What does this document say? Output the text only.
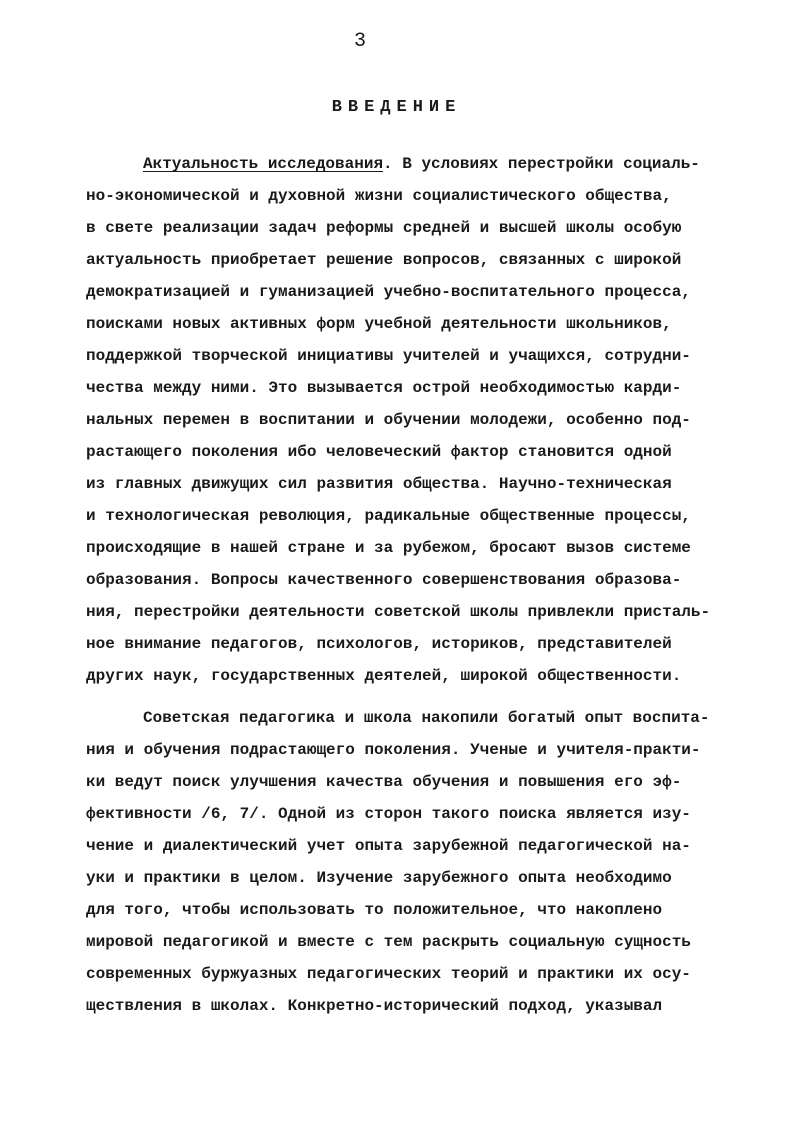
3
ВВЕДЕНИЕ
Актуальность исследования. В условиях перестройки социаль-
но-экономической и духовной жизни социалистического общества,
в свете реализации задач реформы средней и высшей школы особую
актуальность приобретает решение вопросов, связанных с широкой
демократизацией и гуманизацией учебно-воспитательного процесса,
поисками новых активных форм учебной деятельности школьников,
поддержкой творческой инициативы учителей и учащихся, сотрудни-
чества между ними. Это вызывается острой необходимостью карди-
нальных перемен в воспитании и обучении молодежи, особенно под-
растающего поколения ибо человеческий фактор становится одной
из главных движущих сил развития общества. Научно-техническая
и технологическая революция, радикальные общественные процессы,
происходящие в нашей стране и за рубежом, бросают вызов системе
образования. Вопросы качественного совершенствования образова-
ния, перестройки деятельности советской школы привлекли присталь-
ное внимание педагогов, психологов, историков, представителей
других наук, государственных деятелей, широкой общественности.
Советская педагогика и школа накопили богатый опыт воспита-
ния и обучения подрастающего поколения. Ученые и учителя-практи-
ки ведут поиск улучшения качества обучения и повышения его эф-
фективности /6, 7/. Одной из сторон такого поиска является изу-
чение и диалектический учет опыта зарубежной педагогической на-
уки и практики в целом. Изучение зарубежного опыта необходимо
для того, чтобы использовать то положительное, что накоплено
мировой педагогикой и вместе с тем раскрыть социальную сущность
современных буржуазных педагогических теорий и практики их осу-
ществления в школах. Конкретно-исторический подход, указывал
